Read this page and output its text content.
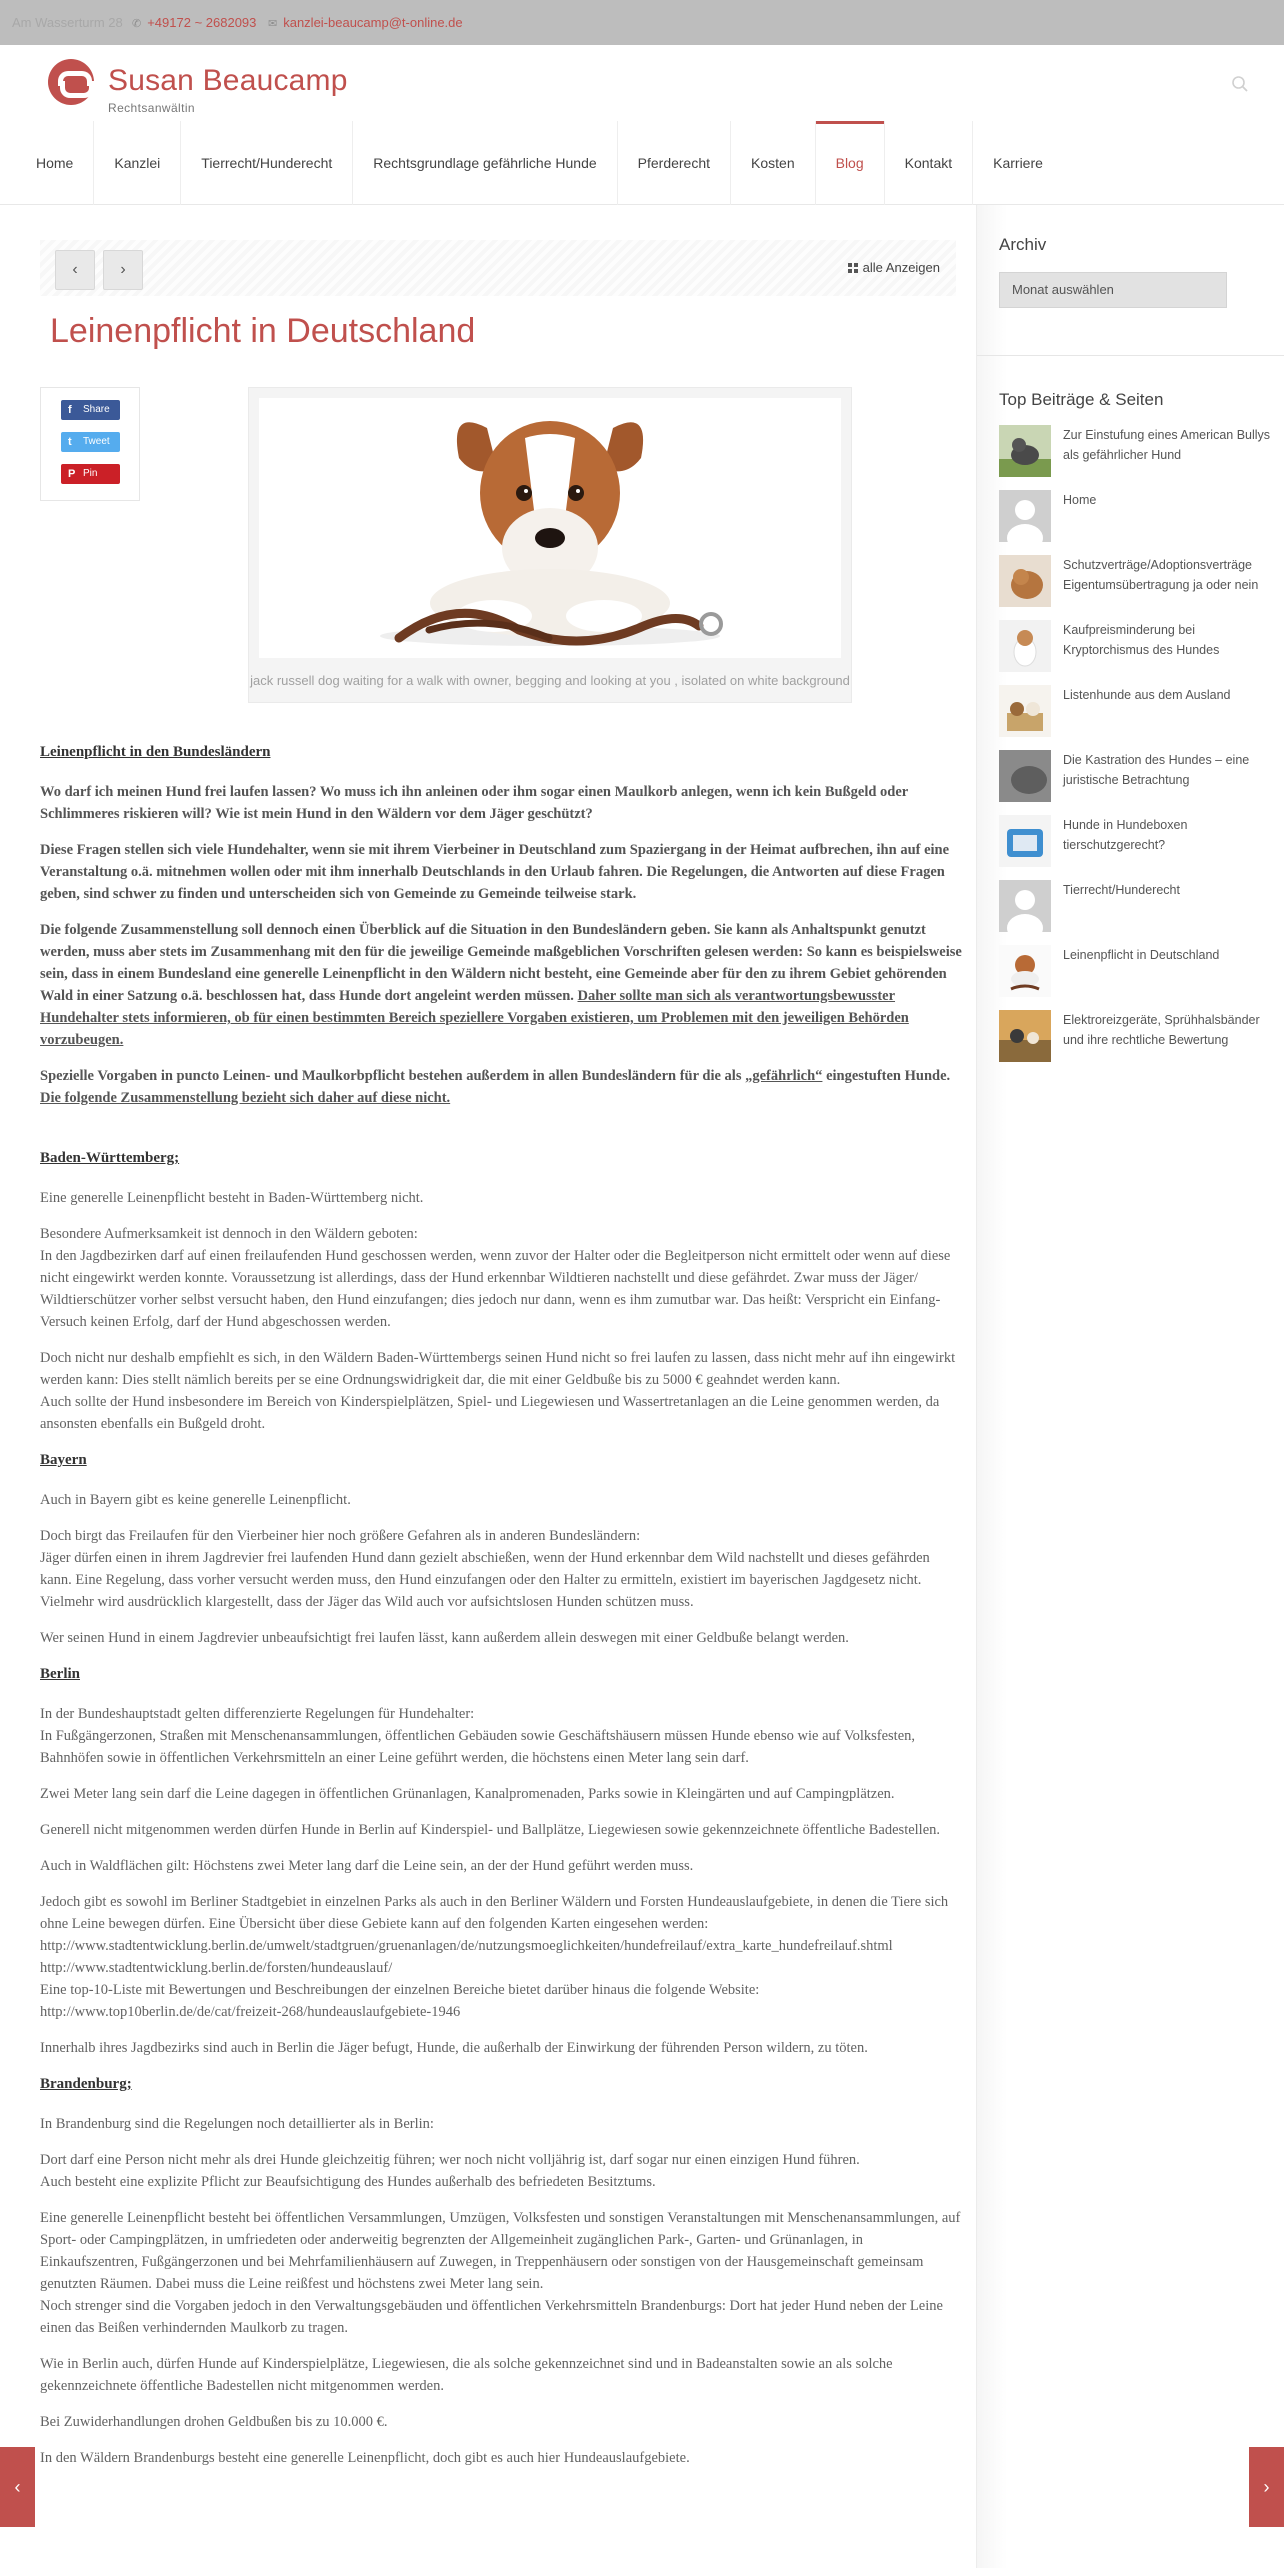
Am Wasserturm 28 ✆ +49172 ~ 2682093 ✉ kanzlei-beaucamp@t-online.de
Susan Beaucamp
Rechtsanwältin
Home	Kanzlei	Tierrecht/Hunderecht	Rechtsgrundlage gefährliche Hunde	Pferderecht	Kosten	Blog	Kontakt	Karriere
‹	›	alle Anzeigen
Leinenpflicht in Deutschland
f Share
t Tweet
P Pin
jack russell dog waiting for a walk with owner, begging and looking at you , isolated on white background

Leinenpflicht in den Bundesländern

Wo darf ich meinen Hund frei laufen lassen? Wo muss ich ihn anleinen oder ihm sogar einen Maulkorb anlegen, wenn ich kein Bußgeld oder Schlimmeres riskieren will? Wie ist mein Hund in den Wäldern vor dem Jäger geschützt?

Diese Fragen stellen sich viele Hundehalter, wenn sie mit ihrem Vierbeiner in Deutschland zum Spaziergang in der Heimat aufbrechen, ihn auf eine Veranstaltung o.ä. mitnehmen wollen oder mit ihm innerhalb Deutschlands in den Urlaub fahren. Die Regelungen, die Antworten auf diese Fragen geben, sind schwer zu finden und unterscheiden sich von Gemeinde zu Gemeinde teilweise stark.

Die folgende Zusammenstellung soll dennoch einen Überblick auf die Situation in den Bundesländern geben. Sie kann als Anhaltspunkt genutzt werden, muss aber stets im Zusammenhang mit den für die jeweilige Gemeinde maßgeblichen Vorschriften gelesen werden: So kann es beispielsweise sein, dass in einem Bundesland eine generelle Leinenpflicht in den Wäldern nicht besteht, eine Gemeinde aber für den zu ihrem Gebiet gehörenden Wald in einer Satzung o.ä. beschlossen hat, dass Hunde dort angeleint werden müssen. Daher sollte man sich als verantwortungsbewusster Hundehalter stets informieren, ob für einen bestimmten Bereich speziellere Vorgaben existieren, um Problemen mit den jeweiligen Behörden vorzubeugen.

Spezielle Vorgaben in puncto Leinen- und Maulkorbpflicht bestehen außerdem in allen Bundesländern für die als „gefährlich“ eingestuften Hunde. Die folgende Zusammenstellung bezieht sich daher auf diese nicht.

Baden-Württemberg;

Eine generelle Leinenpflicht besteht in Baden-Württemberg nicht.

Besondere Aufmerksamkeit ist dennoch in den Wäldern geboten:
In den Jagdbezirken darf auf einen freilaufenden Hund geschossen werden, wenn zuvor der Halter oder die Begleitperson nicht ermittelt oder wenn auf diese nicht eingewirkt werden konnte. Voraussetzung ist allerdings, dass der Hund erkennbar Wildtieren nachstellt und diese gefährdet. Zwar muss der Jäger/ Wildtierschützer vorher selbst versucht haben, den Hund einzufangen; dies jedoch nur dann, wenn es ihm zumutbar war. Das heißt: Verspricht ein Einfang-Versuch keinen Erfolg, darf der Hund abgeschossen werden.

Doch nicht nur deshalb empfiehlt es sich, in den Wäldern Baden-Württembergs seinen Hund nicht so frei laufen zu lassen, dass nicht mehr auf ihn eingewirkt werden kann: Dies stellt nämlich bereits per se eine Ordnungswidrigkeit dar, die mit einer Geldbuße bis zu 5000 € geahndet werden kann.
Auch sollte der Hund insbesondere im Bereich von Kinderspielplätzen, Spiel- und Liegewiesen und Wassertretanlagen an die Leine genommen werden, da ansonsten ebenfalls ein Bußgeld droht.

Bayern

Auch in Bayern gibt es keine generelle Leinenpflicht.

Doch birgt das Freilaufen für den Vierbeiner hier noch größere Gefahren als in anderen Bundesländern:
Jäger dürfen einen in ihrem Jagdrevier frei laufenden Hund dann gezielt abschießen, wenn der Hund erkennbar dem Wild nachstellt und dieses gefährden kann. Eine Regelung, dass vorher versucht werden muss, den Hund einzufangen oder den Halter zu ermitteln, existiert im bayerischen Jagdgesetz nicht. Vielmehr wird ausdrücklich klargestellt, dass der Jäger das Wild auch vor aufsichtslosen Hunden schützen muss.

Wer seinen Hund in einem Jagdrevier unbeaufsichtigt frei laufen lässt, kann außerdem allein deswegen mit einer Geldbuße belangt werden.

Berlin

In der Bundeshauptstadt gelten differenzierte Regelungen für Hundehalter:
In Fußgängerzonen, Straßen mit Menschenansammlungen, öffentlichen Gebäuden sowie Geschäftshäusern müssen Hunde ebenso wie auf Volksfesten, Bahnhöfen sowie in öffentlichen Verkehrsmitteln an einer Leine geführt werden, die höchstens einen Meter lang sein darf.

Zwei Meter lang sein darf die Leine dagegen in öffentlichen Grünanlagen, Kanalpromenaden, Parks sowie in Kleingärten und auf Campingplätzen.

Generell nicht mitgenommen werden dürfen Hunde in Berlin auf Kinderspiel- und Ballplätze, Liegewiesen sowie gekennzeichnete öffentliche Badestellen.

Auch in Waldflächen gilt: Höchstens zwei Meter lang darf die Leine sein, an der der Hund geführt werden muss.

Jedoch gibt es sowohl im Berliner Stadtgebiet in einzelnen Parks als auch in den Berliner Wäldern und Forsten Hundeauslaufgebiete, in denen die Tiere sich ohne Leine bewegen dürfen. Eine Übersicht über diese Gebiete kann auf den folgenden Karten eingesehen werden:
http://www.stadtentwicklung.berlin.de/umwelt/stadtgruen/gruenanlagen/de/nutzungsmoeglichkeiten/hundefreilauf/extra_karte_hundefreilauf.shtml
http://www.stadtentwicklung.berlin.de/forsten/hundeauslauf/
Eine top-10-Liste mit Bewertungen und Beschreibungen der einzelnen Bereiche bietet darüber hinaus die folgende Website:
http://www.top10berlin.de/de/cat/freizeit-268/hundeauslaufgebiete-1946

Innerhalb ihres Jagdbezirks sind auch in Berlin die Jäger befugt, Hunde, die außerhalb der Einwirkung der führenden Person wildern, zu töten.

Brandenburg;

In Brandenburg sind die Regelungen noch detaillierter als in Berlin:

Dort darf eine Person nicht mehr als drei Hunde gleichzeitig führen; wer noch nicht volljährig ist, darf sogar nur einen einzigen Hund führen.
Auch besteht eine explizite Pflicht zur Beaufsichtigung des Hundes außerhalb des befriedeten Besitztums.

Eine generelle Leinenpflicht besteht bei öffentlichen Versammlungen, Umzügen, Volksfesten und sonstigen Veranstaltungen mit Menschenansammlungen, auf Sport- oder Campingplätzen, in umfriedeten oder anderweitig begrenzten der Allgemeinheit zugänglichen Park-, Garten- und Grünanlagen, in Einkaufszentren, Fußgängerzonen und bei Mehrfamilienhäusern auf Zuwegen, in Treppenhäusern oder sonstigen von der Hausgemeinschaft gemeinsam genutzten Räumen. Dabei muss die Leine reißfest und höchstens zwei Meter lang sein.
Noch strenger sind die Vorgaben jedoch in den Verwaltungsgebäuden und öffentlichen Verkehrsmitteln Brandenburgs: Dort hat jeder Hund neben der Leine einen das Beißen verhindernden Maulkorb zu tragen.

Wie in Berlin auch, dürfen Hunde auf Kinderspielplätze, Liegewiesen, die als solche gekennzeichnet sind und in Badeanstalten sowie an als solche gekennzeichnete öffentliche Badestellen nicht mitgenommen werden.

Bei Zuwiderhandlungen drohen Geldbußen bis zu 10.000 €.

In den Wäldern Brandenburgs besteht eine generelle Leinenpflicht, doch gibt es auch hier Hundeauslaufgebiete.

Archiv
Monat auswählen
Top Beiträge & Seiten
Zur Einstufung eines American Bullys als gefährlicher Hund
Home
Schutzverträge/Adoptionsverträge Eigentumsübertragung ja oder nein
Kaufpreisminderung bei Kryptorchismus des Hundes
Listenhunde aus dem Ausland
Die Kastration des Hundes – eine juristische Betrachtung
Hunde in Hundeboxen tierschutzgerecht?
Tierrecht/Hunderecht
Leinenpflicht in Deutschland
Elektroreizgeräte, Sprühhalsbänder und ihre rechtliche Bewertung
‹	›
